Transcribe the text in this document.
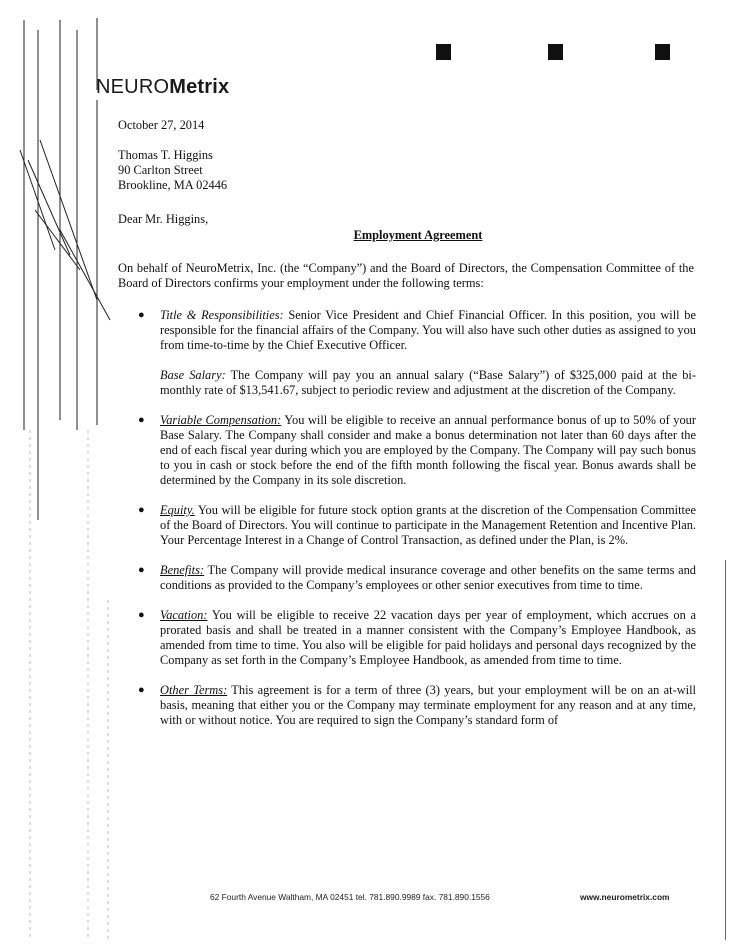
NEUROMetrix
October 27, 2014
Thomas T. Higgins
90 Carlton Street
Brookline, MA 02446
Dear Mr. Higgins,
Employment Agreement
On behalf of NeuroMetrix, Inc. (the “Company”) and the Board of Directors, the Compensation Committee of the Board of Directors confirms your employment under the following terms:
● Title & Responsibilities: Senior Vice President and Chief Financial Officer. In this position, you will be responsible for the financial affairs of the Company. You will also have such other duties as assigned to you from time-to-time by the Chief Executive Officer.

Base Salary: The Company will pay you an annual salary (“Base Salary”) of $325,000 paid at the bi-monthly rate of $13,541.67, subject to periodic review and adjustment at the discretion of the Company.

● Variable Compensation: You will be eligible to receive an annual performance bonus of up to 50% of your Base Salary. The Company shall consider and make a bonus determination not later than 60 days after the end of each fiscal year during which you are employed by the Company. The Company will pay such bonus to you in cash or stock before the end of the fifth month following the fiscal year. Bonus awards shall be determined by the Company in its sole discretion.

● Equity. You will be eligible for future stock option grants at the discretion of the Compensation Committee of the Board of Directors. You will continue to participate in the Management Retention and Incentive Plan. Your Percentage Interest in a Change of Control Transaction, as defined under the Plan, is 2%.

● Benefits: The Company will provide medical insurance coverage and other benefits on the same terms and conditions as provided to the Company’s employees or other senior executives from time to time.

● Vacation: You will be eligible to receive 22 vacation days per year of employment, which accrues on a prorated basis and shall be treated in a manner consistent with the Company’s Employee Handbook, as amended from time to time. You also will be eligible for paid holidays and personal days recognized by the Company as set forth in the Company’s Employee Handbook, as amended from time to time.

● Other Terms: This agreement is for a term of three (3) years, but your employment will be on an at-will basis, meaning that either you or the Company may terminate employment for any reason and at any time, with or without notice. You are required to sign the Company’s standard form of

62 Fourth Avenue Waltham, MA 02451 tel. 781.890.9989 fax. 781.890.1556	www.neurometrix.com
